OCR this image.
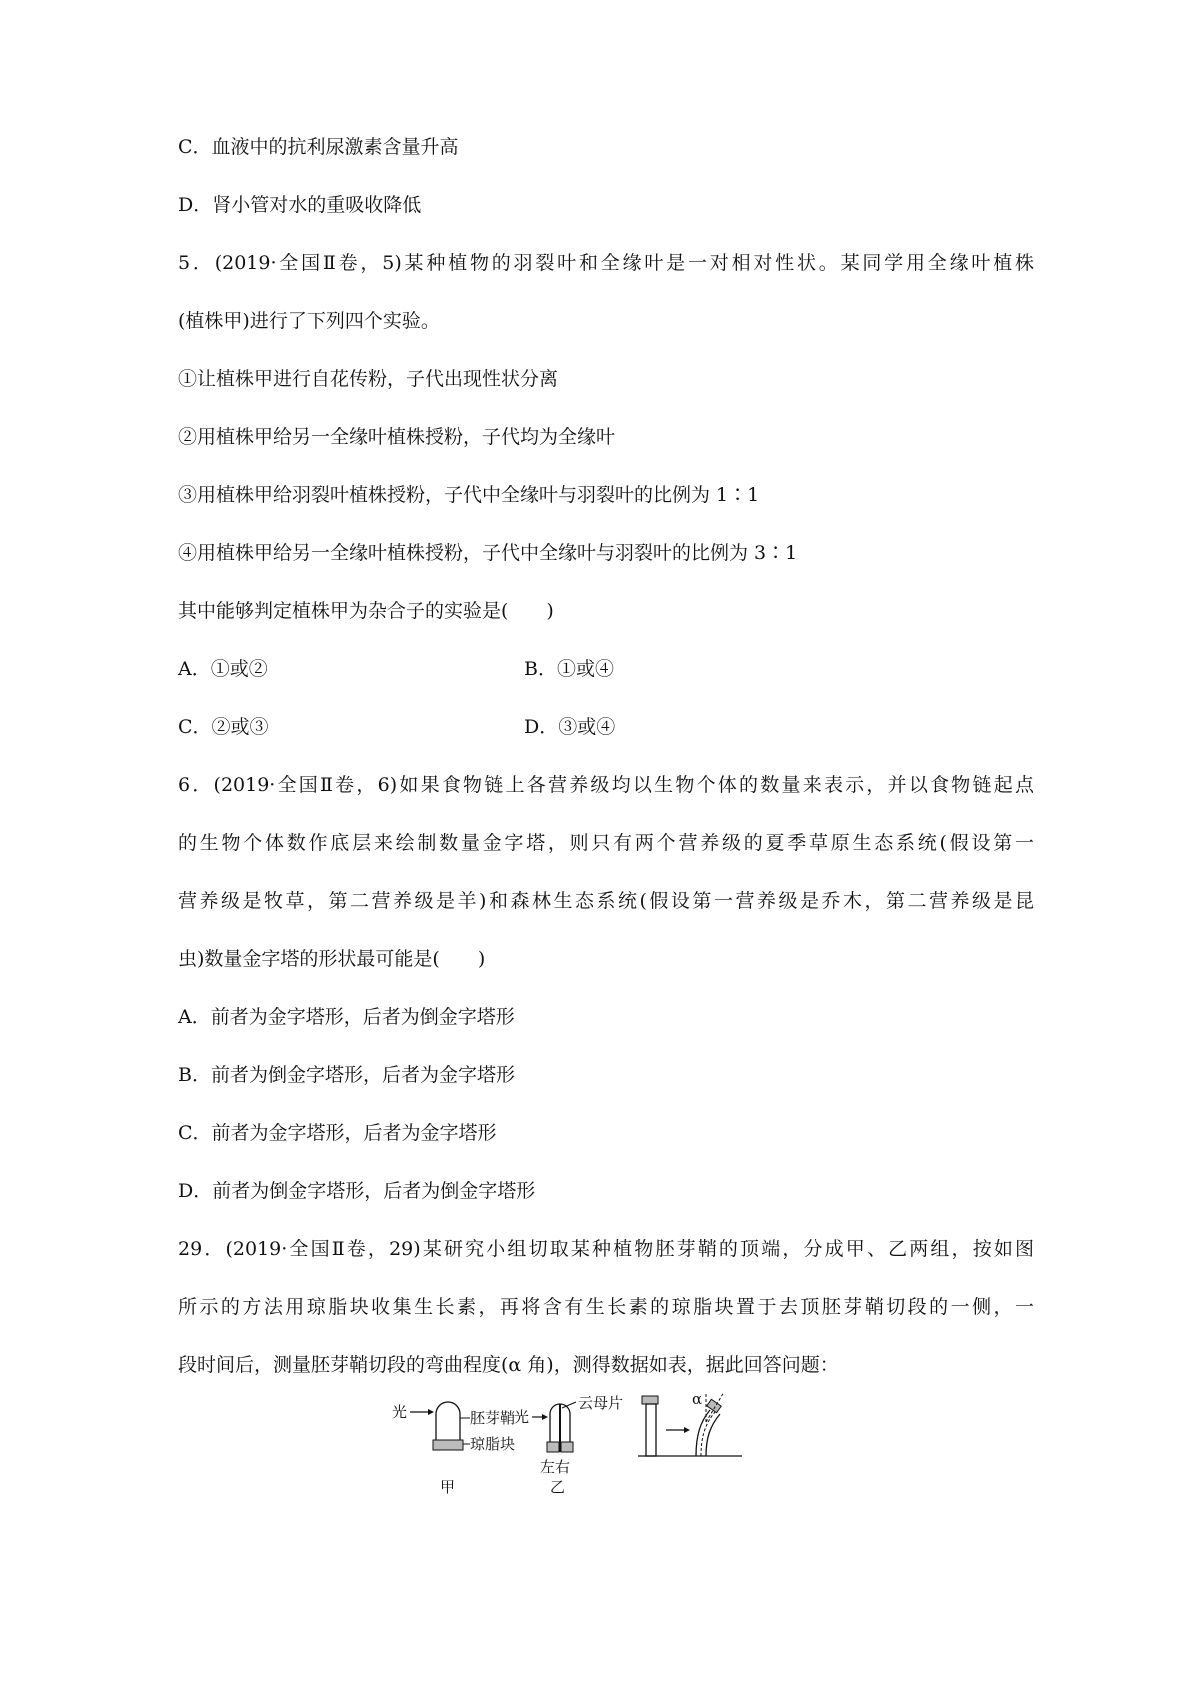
C．血液中的抗利尿激素含量升高
D．肾小管对水的重吸收降低
5．(2019·全国Ⅱ卷，5)某种植物的羽裂叶和全缘叶是一对相对性状。某同学用全缘叶植株
(植株甲)进行了下列四个实验。
①让植株甲进行自花传粉，子代出现性状分离
②用植株甲给另一全缘叶植株授粉，子代均为全缘叶
③用植株甲给羽裂叶植株授粉，子代中全缘叶与羽裂叶的比例为 1∶1
④用植株甲给另一全缘叶植株授粉，子代中全缘叶与羽裂叶的比例为 3∶1
其中能够判定植株甲为杂合子的实验是(　　)
A．①或②	B．①或④
C．②或③	D．③或④
6．(2019·全国Ⅱ卷，6)如果食物链上各营养级均以生物个体的数量来表示，并以食物链起点
的生物个体数作底层来绘制数量金字塔，则只有两个营养级的夏季草原生态系统(假设第一
营养级是牧草，第二营养级是羊)和森林生态系统(假设第一营养级是乔木，第二营养级是昆
虫)数量金字塔的形状最可能是(　　)
A．前者为金字塔形，后者为倒金字塔形
B．前者为倒金字塔形，后者为金字塔形
C．前者为金字塔形，后者为金字塔形
D．前者为倒金字塔形，后者为倒金字塔形
29．(2019·全国Ⅱ卷，29)某研究小组切取某种植物胚芽鞘的顶端，分成甲、乙两组，按如图
所示的方法用琼脂块收集生长素，再将含有生长素的琼脂块置于去顶胚芽鞘切段的一侧，一
段时间后，测量胚芽鞘切段的弯曲程度(α 角)，测得数据如表，据此回答问题：
光	胚芽鞘
琼脂块
甲
光
云母片
左右
乙
α
